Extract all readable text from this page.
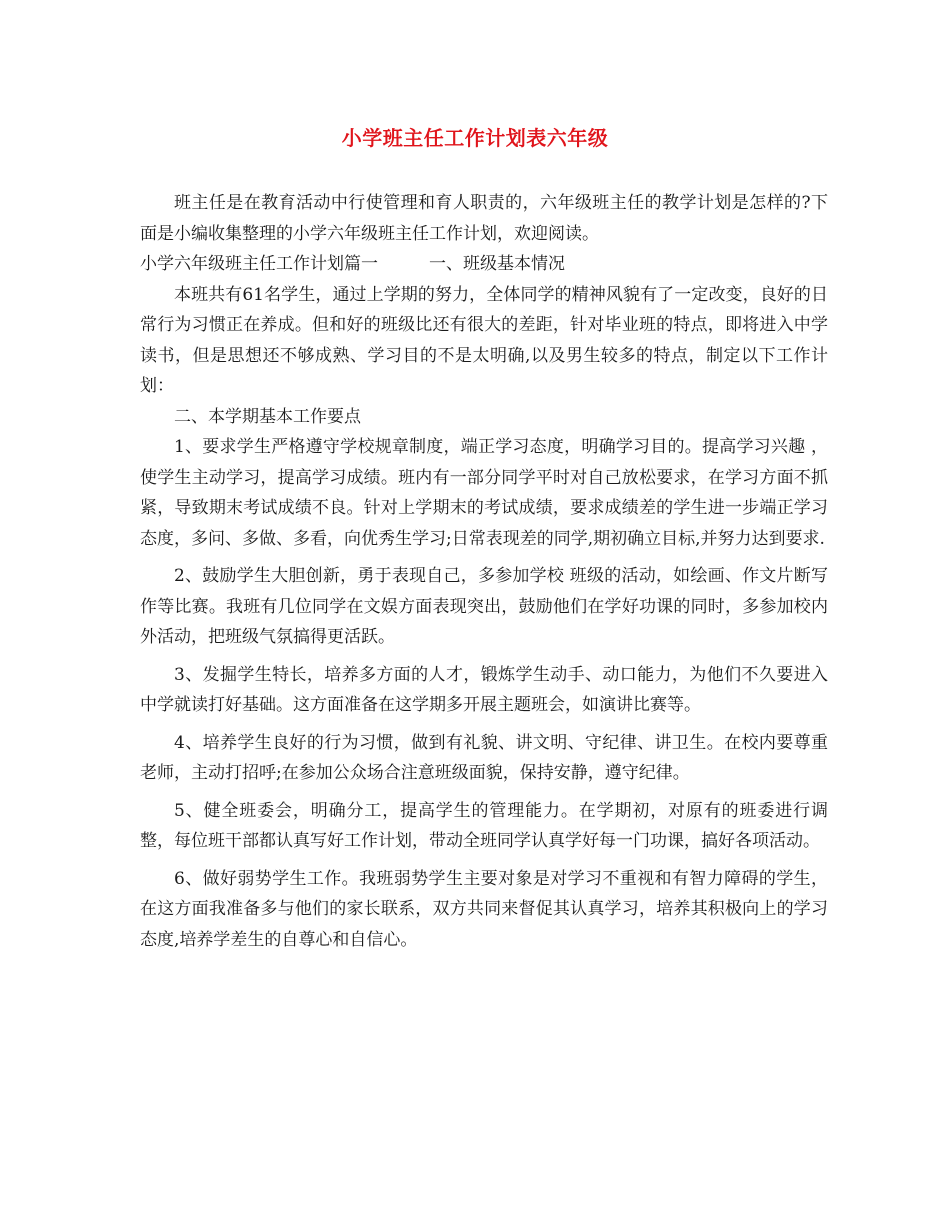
小学班主任工作计划表六年级

班主任是在教育活动中行使管理和育人职责的，六年级班主任的教学计划是怎样的?下面是小编收集整理的小学六年级班主任工作计划，欢迎阅读。

小学六年级班主任工作计划篇一　　　一、班级基本情况

本班共有61名学生，通过上学期的努力，全体同学的精神风貌有了一定改变，良好的日常行为习惯正在养成。但和好的班级比还有很大的差距，针对毕业班的特点，即将进入中学读书，但是思想还不够成熟、学习目的不是太明确,以及男生较多的特点，制定以下工作计划：

二、本学期基本工作要点

1、要求学生严格遵守学校规章制度，端正学习态度，明确学习目的。提高学习兴趣 ，使学生主动学习，提高学习成绩。班内有一部分同学平时对自己放松要求，在学习方面不抓紧，导致期末考试成绩不良。针对上学期末的考试成绩，要求成绩差的学生进一步端正学习态度，多问、多做、多看，向优秀生学习;日常表现差的同学,期初确立目标,并努力达到要求.

2、鼓励学生大胆创新，勇于表现自己，多参加学校 班级的活动，如绘画、作文片断写作等比赛。我班有几位同学在文娱方面表现突出，鼓励他们在学好功课的同时，多参加校内外活动，把班级气氛搞得更活跃。

3、发掘学生特长，培养多方面的人才，锻炼学生动手、动口能力，为他们不久要进入中学就读打好基础。这方面准备在这学期多开展主题班会，如演讲比赛等。

4、培养学生良好的行为习惯，做到有礼貌、讲文明、守纪律、讲卫生。在校内要尊重老师，主动打招呼;在参加公众场合注意班级面貌，保持安静，遵守纪律。

5、健全班委会，明确分工，提高学生的管理能力。在学期初，对原有的班委进行调整，每位班干部都认真写好工作计划，带动全班同学认真学好每一门功课，搞好各项活动。

6、做好弱势学生工作。我班弱势学生主要对象是对学习不重视和有智力障碍的学生，在这方面我准备多与他们的家长联系，双方共同来督促其认真学习，培养其积极向上的学习态度,培养学差生的自尊心和自信心。
